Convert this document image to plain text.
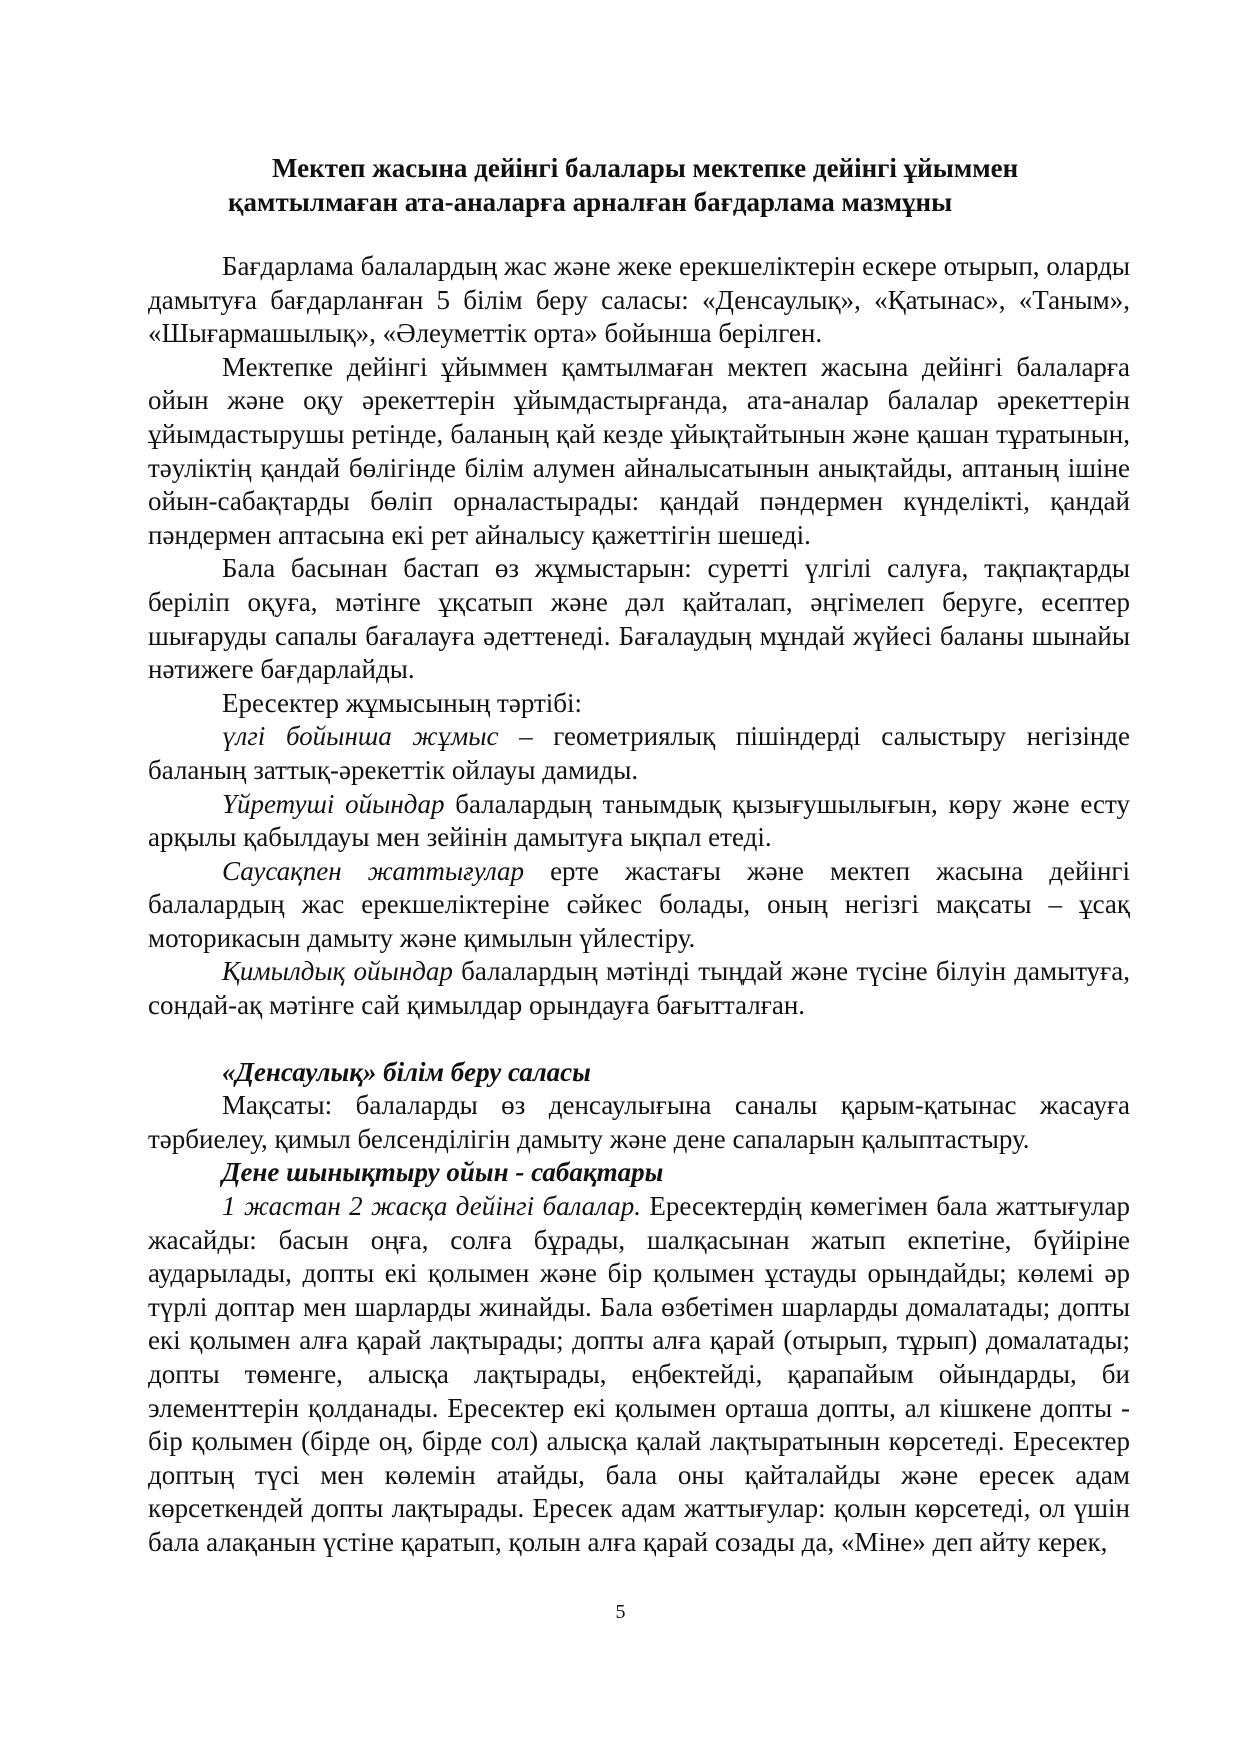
Мектеп жасына дейінгі балалары мектепке дейінгі ұйыммен
қамтылмаған ата-аналарға арналған бағдарлама мазмұны

Бағдарлама балалардың жас және жеке ерекшеліктерін ескере отырып, оларды дамытуға бағдарланған 5 білім беру саласы: «Денсаулық», «Қатынас», «Таным», «Шығармашылық», «Әлеуметтік орта» бойынша берілген.

Мектепке дейінгі ұйыммен қамтылмаған мектеп жасына дейінгі балаларға ойын және оқу әрекеттерін ұйымдастырғанда, ата-аналар балалар әрекеттерін ұйымдастырушы ретінде, баланың қай кезде ұйықтайтынын және қашан тұратынын, тәуліктің қандай бөлігінде білім алумен айналысатынын анықтайды, аптаның ішіне ойын-сабақтарды бөліп орналастырады: қандай пәндермен күнделікті, қандай пәндермен аптасына екі рет айналысу қажеттігін шешеді.

Бала басынан бастап өз жұмыстарын: суретті үлгілі салуға, тақпақтарды беріліп оқуға, мәтінге ұқсатып және дәл қайталап, әңгімелеп беруге, есептер шығаруды сапалы бағалауға әдеттенеді. Бағалаудың мұндай жүйесі баланы шынайы нәтижеге бағдарлайды.

Ересектер жұмысының тәртібі:

үлгі бойынша жұмыс – геометриялық пішіндерді салыстыру негізінде баланың заттық-әрекеттік ойлауы дамиды.

Үйретуші ойындар балалардың танымдық қызығушылығын, көру және есту арқылы қабылдауы мен зейінін дамытуға ықпал етеді.

Саусақпен жаттығулар ерте жастағы және мектеп жасына дейінгі балалардың жас ерекшеліктеріне сәйкес болады, оның негізгі мақсаты – ұсақ моторикасын дамыту және қимылын үйлестіру.

Қимылдық ойындар балалардың мәтінді тыңдай және түсіне білуін дамытуға, сондай-ақ мәтінге сай қимылдар орындауға бағытталған.

«Денсаулық» білім беру саласы

Мақсаты: балаларды өз денсаулығына саналы қарым-қатынас жасауға тәрбиелеу, қимыл белсенділігін дамыту және дене сапаларын қалыптастыру.

Дене шынықтыру ойын - сабақтары

1 жастан 2 жасқа дейінгі балалар. Ересектердің көмегімен бала жаттығулар жасайды: басын оңға, солға бұрады, шалқасынан жатып екпетіне, бүйіріне аударылады, допты екі қолымен және бір қолымен ұстауды орындайды; көлемі әр түрлі доптар мен шарларды жинайды. Бала өзбетімен шарларды домалатады; допты екі қолымен алға қарай лақтырады; допты алға қарай (отырып, тұрып) домалатады; допты төменге, алысқа лақтырады, еңбектейді, қарапайым ойындарды, би элементтерін қолданады. Ересектер екі қолымен орташа допты, ал кішкене допты - бір қолымен (бірде оң, бірде сол) алысқа қалай лақтыратынын көрсетеді. Ересектер доптың түсі мен көлемін атайды, бала оны қайталайды және ересек адам көрсеткендей допты лақтырады. Ересек адам жаттығулар: қолын көрсетеді, ол үшін бала алақанын үстіне қаратып, қолын алға қарай созады да, «Міне» деп айту керек,

5
